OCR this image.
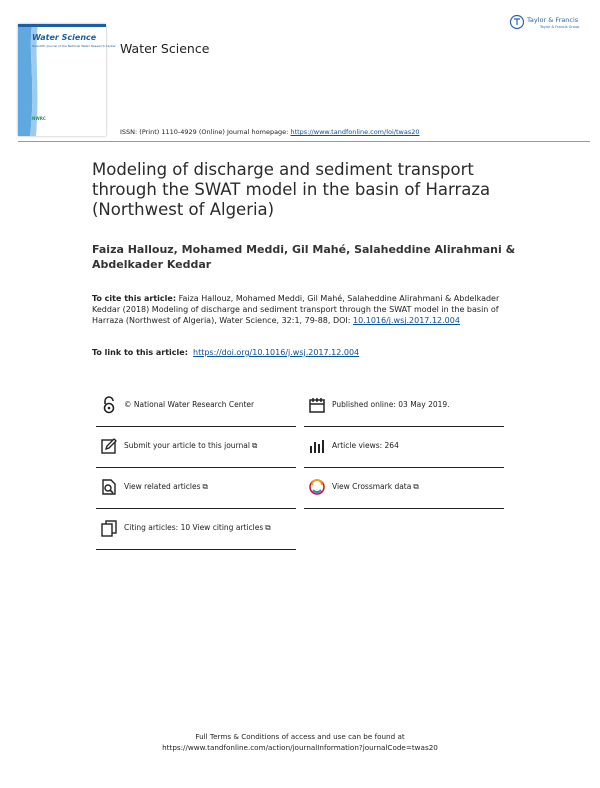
Water Science
Scientific Journal of the National Water Research Center
NWRC
Water Science
Taylor & Francis
Taylor & Francis Group
ISSN: (Print) 1110-4929 (Online) Journal homepage: https://www.tandfonline.com/loi/twas20
Modeling of discharge and sediment transport through the SWAT model in the basin of Harraza (Northwest of Algeria)
Faiza Hallouz, Mohamed Meddi, Gil Mahé, Salaheddine Alirahmani & Abdelkader Keddar
To cite this article: Faiza Hallouz, Mohamed Meddi, Gil Mahé, Salaheddine Alirahmani & Abdelkader Keddar (2018) Modeling of discharge and sediment transport through the SWAT model in the basin of Harraza (Northwest of Algeria), Water Science, 32:1, 79-88, DOI: 10.1016/j.wsj.2017.12.004
To link to this article: https://doi.org/10.1016/j.wsj.2017.12.004
© National Water Research Center	Published online: 03 May 2019.
Submit your article to this journal ⧉	Article views: 264
View related articles ⧉	View Crossmark data ⧉
Citing articles: 10 View citing articles ⧉
Full Terms & Conditions of access and use can be found at
https://www.tandfonline.com/action/journalInformation?journalCode=twas20
